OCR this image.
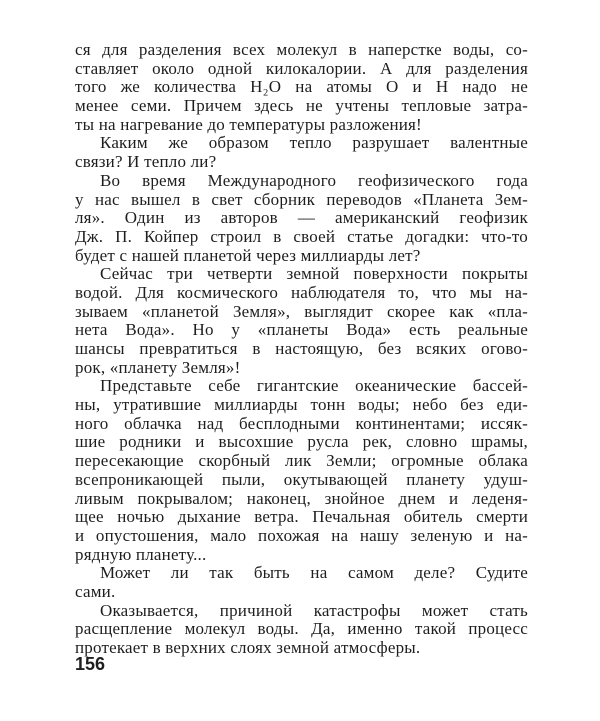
ся для разделения всех молекул в наперстке воды, со-
ставляет около одной килокалории. А для разделения
того же количества H₂O на атомы O и H надо не
менее семи. Причем здесь не учтены тепловые затра-
ты на нагревание до температуры разложения!
Каким же образом тепло разрушает валентные
связи? И тепло ли?
Во время Международного геофизического года
у нас вышел в свет сборник переводов «Планета Зем-
ля». Один из авторов — американский геофизик
Дж. П. Койпер строил в своей статье догадки: что-то
будет с нашей планетой через миллиарды лет?
Сейчас три четверти земной поверхности покрыты
водой. Для космического наблюдателя то, что мы на-
зываем «планетой Земля», выглядит скорее как «пла-
нета Вода». Но у «планеты Вода» есть реальные
шансы превратиться в настоящую, без всяких огово-
рок, «планету Земля»!
Представьте себе гигантские океанические бассей-
ны, утратившие миллиарды тонн воды; небо без еди-
ного облачка над бесплодными континентами; иссяк-
шие родники и высохшие русла рек, словно шрамы,
пересекающие скорбный лик Земли; огромные облака
всепроникающей пыли, окутывающей планету удуш-
ливым покрывалом; наконец, знойное днем и леденя-
щее ночью дыхание ветра. Печальная обитель смерти
и опустошения, мало похожая на нашу зеленую и на-
рядную планету...
Может ли так быть на самом деле? Судите
сами.
Оказывается, причиной катастрофы может стать
расщепление молекул воды. Да, именно такой процесс
протекает в верхних слоях земной атмосферы.
156
